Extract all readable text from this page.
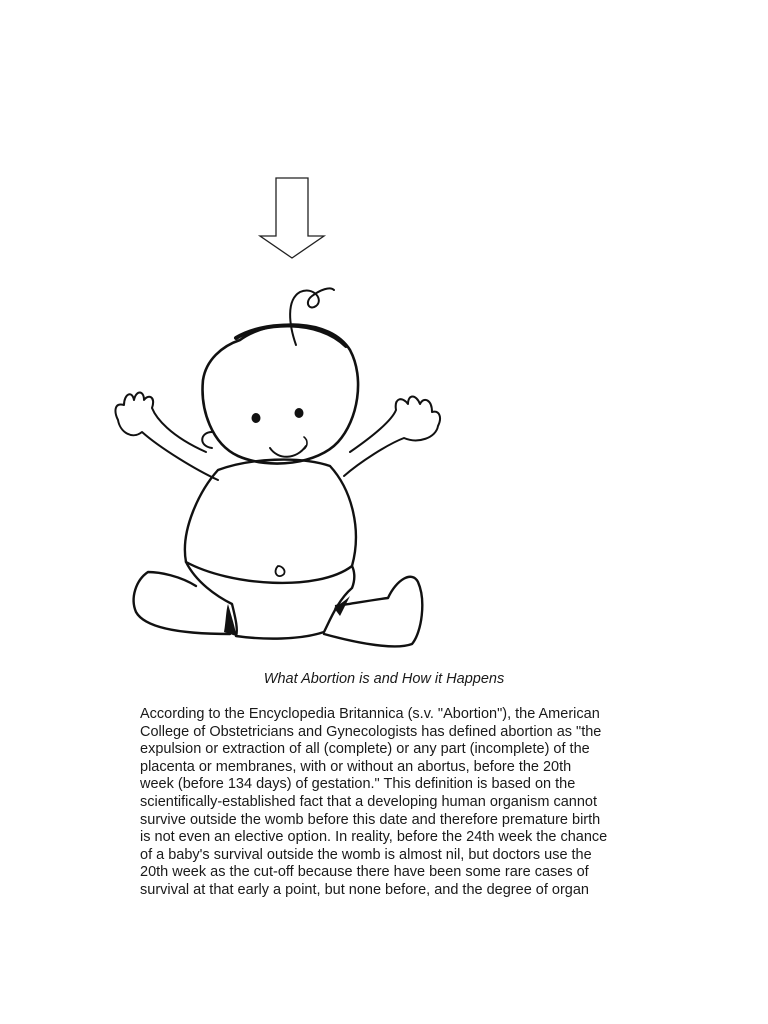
What Abortion is and How it Happens

According to the Encyclopedia Britannica (s.v. "Abortion"), the American
College of Obstetricians and Gynecologists has defined abortion as "the
expulsion or extraction of all (complete) or any part (incomplete) of the
placenta or membranes, with or without an abortus, before the 20th
week (before 134 days) of gestation." This definition is based on the
scientifically-established fact that a developing human organism cannot
survive outside the womb before this date and therefore premature birth
is not even an elective option. In reality, before the 24th week the chance
of a baby's survival outside the womb is almost nil, but doctors use the
20th week as the cut-off because there have been some rare cases of
survival at that early a point, but none before, and the degree of organ
